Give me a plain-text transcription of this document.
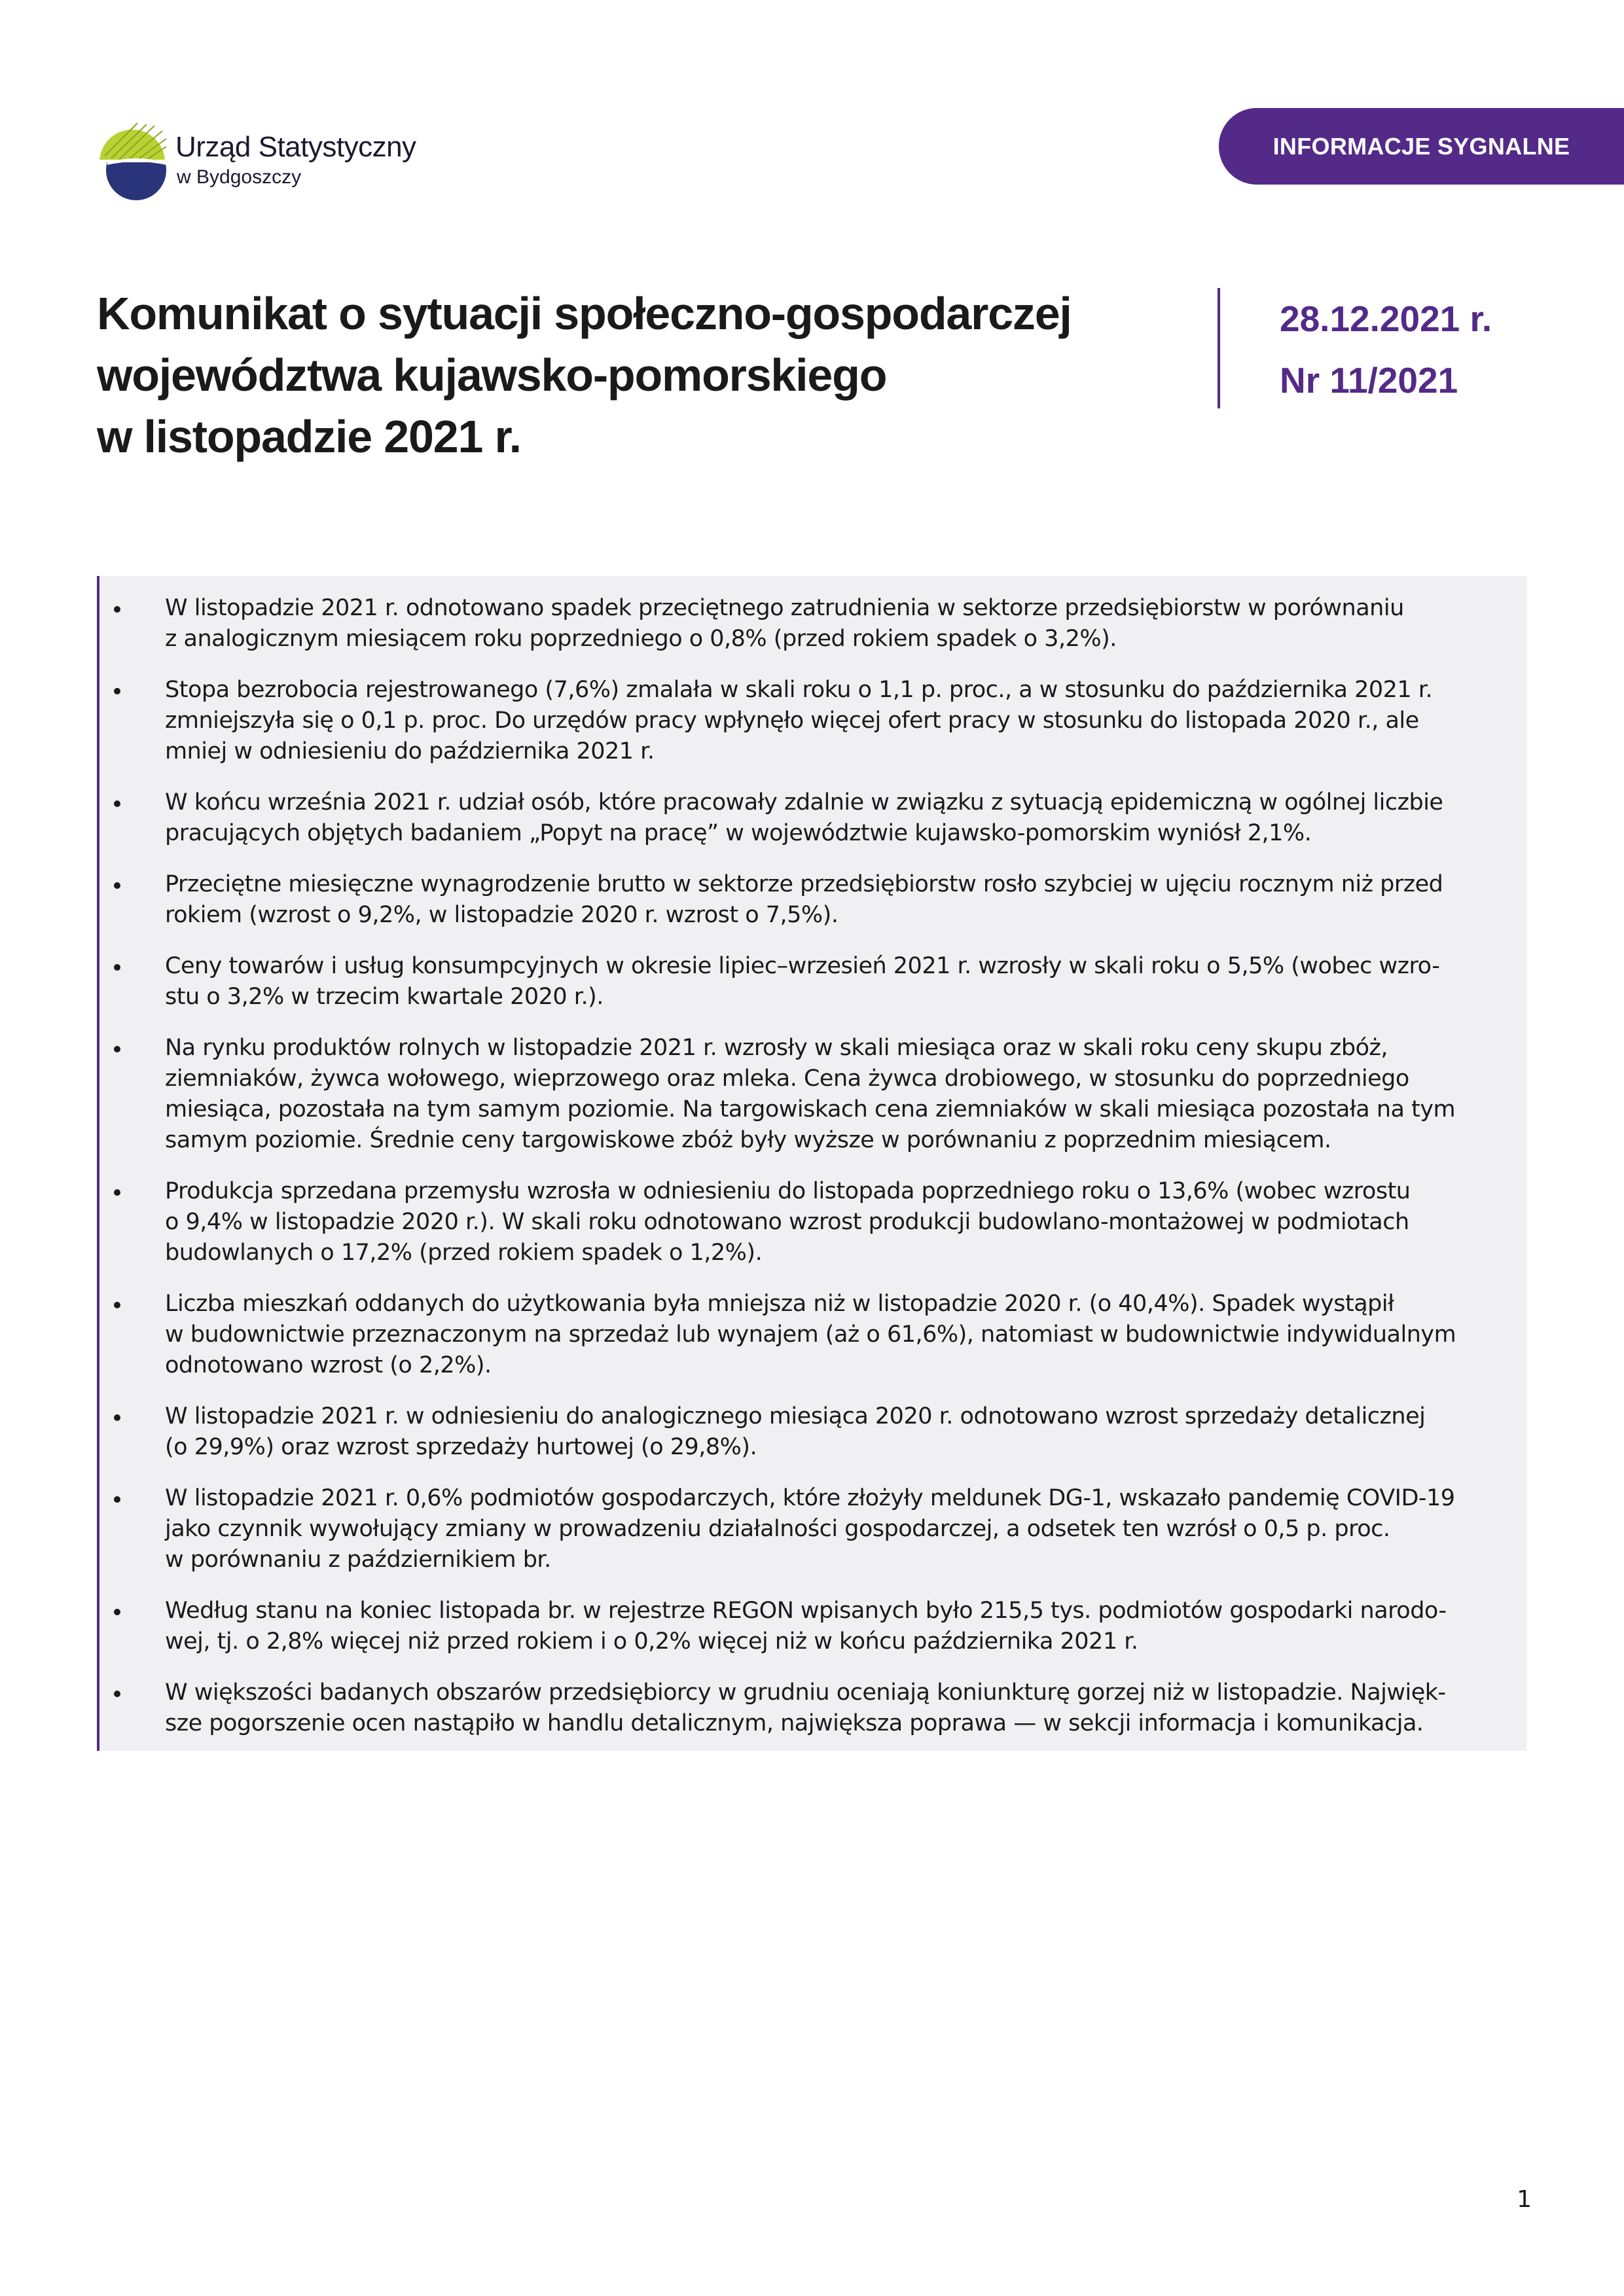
Urząd Statystyczny
w Bydgoszczy
INFORMACJE SYGNALNE
Komunikat o sytuacji społeczno-gospodarczej
województwa kujawsko-pomorskiego
w listopadzie 2021 r.
28.12.2021 r.
Nr 11/2021
W listopadzie 2021 r. odnotowano spadek przeciętnego zatrudnienia w sektorze przedsiębiorstw w porównaniu
z analogicznym miesiącem roku poprzedniego o 0,8% (przed rokiem spadek o 3,2%).
Stopa bezrobocia rejestrowanego (7,6%) zmalała w skali roku o 1,1 p. proc., a w stosunku do października 2021 r.
zmniejszyła się o 0,1 p. proc. Do urzędów pracy wpłynęło więcej ofert pracy w stosunku do listopada 2020 r., ale
mniej w odniesieniu do października 2021 r.
W końcu września 2021 r. udział osób, które pracowały zdalnie w związku z sytuacją epidemiczną w ogólnej liczbie
pracujących objętych badaniem „Popyt na pracę” w województwie kujawsko-pomorskim wyniósł 2,1%.
Przeciętne miesięczne wynagrodzenie brutto w sektorze przedsiębiorstw rosło szybciej w ujęciu rocznym niż przed
rokiem (wzrost o 9,2%, w listopadzie 2020 r. wzrost o 7,5%).
Ceny towarów i usług konsumpcyjnych w okresie lipiec–wrzesień 2021 r. wzrosły w skali roku o 5,5% (wobec wzro-
stu o 3,2% w trzecim kwartale 2020 r.).
Na rynku produktów rolnych w listopadzie 2021 r. wzrosły w skali miesiąca oraz w skali roku ceny skupu zbóż,
ziemniaków, żywca wołowego, wieprzowego oraz mleka. Cena żywca drobiowego, w stosunku do poprzedniego
miesiąca, pozostała na tym samym poziomie. Na targowiskach cena ziemniaków w skali miesiąca pozostała na tym
samym poziomie. Średnie ceny targowiskowe zbóż były wyższe w porównaniu z poprzednim miesiącem.
Produkcja sprzedana przemysłu wzrosła w odniesieniu do listopada poprzedniego roku o 13,6% (wobec wzrostu
o 9,4% w listopadzie 2020 r.). W skali roku odnotowano wzrost produkcji budowlano-montażowej w podmiotach
budowlanych o 17,2% (przed rokiem spadek o 1,2%).
Liczba mieszkań oddanych do użytkowania była mniejsza niż w listopadzie 2020 r. (o 40,4%). Spadek wystąpił
w budownictwie przeznaczonym na sprzedaż lub wynajem (aż o 61,6%), natomiast w budownictwie indywidualnym
odnotowano wzrost (o 2,2%).
W listopadzie 2021 r. w odniesieniu do analogicznego miesiąca 2020 r. odnotowano wzrost sprzedaży detalicznej
(o 29,9%) oraz wzrost sprzedaży hurtowej (o 29,8%).
W listopadzie 2021 r. 0,6% podmiotów gospodarczych, które złożyły meldunek DG-1, wskazało pandemię COVID-19
jako czynnik wywołujący zmiany w prowadzeniu działalności gospodarczej, a odsetek ten wzrósł o 0,5 p. proc.
w porównaniu z październikiem br.
Według stanu na koniec listopada br. w rejestrze REGON wpisanych było 215,5 tys. podmiotów gospodarki narodo-
wej, tj. o 2,8% więcej niż przed rokiem i o 0,2% więcej niż w końcu października 2021 r.
W większości badanych obszarów przedsiębiorcy w grudniu oceniają koniunkturę gorzej niż w listopadzie. Najwięk-
sze pogorszenie ocen nastąpiło w handlu detalicznym, największa poprawa — w sekcji informacja i komunikacja.
1
